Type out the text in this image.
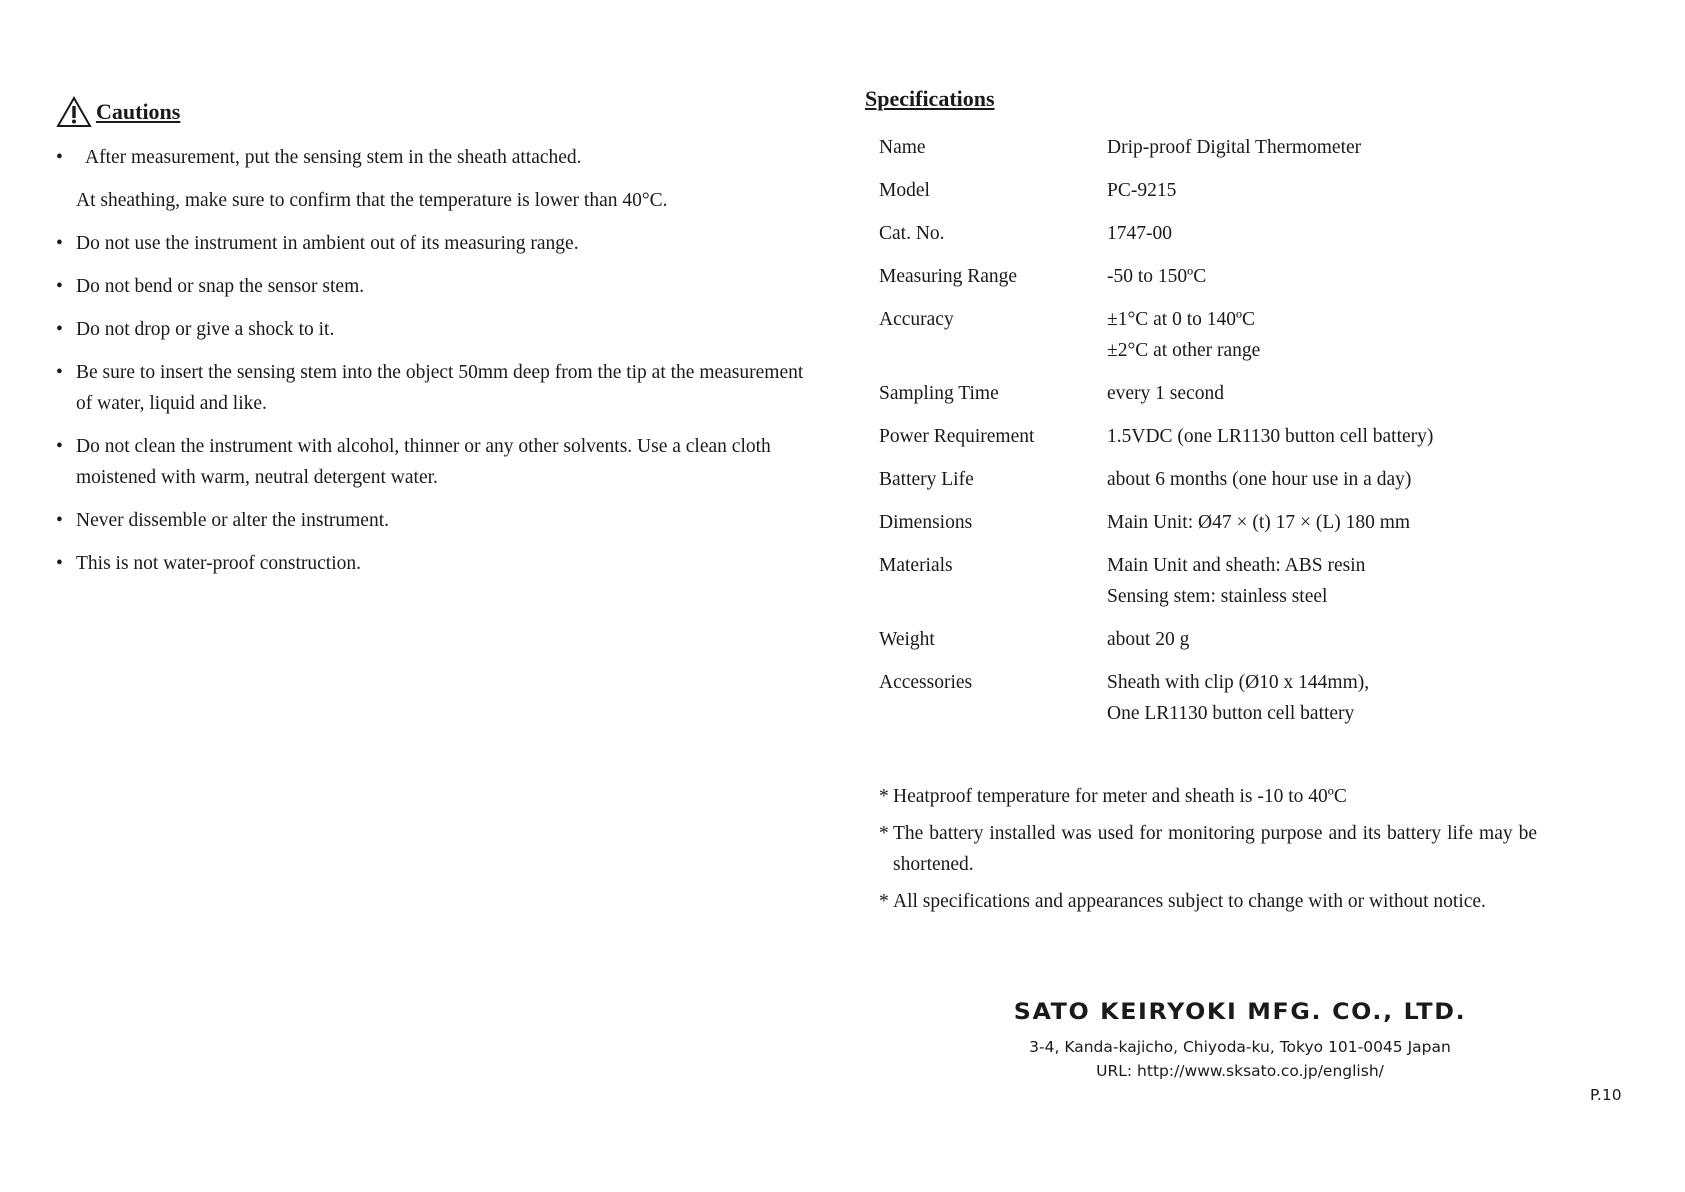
Cautions
• After measurement, put the sensing stem in the sheath attached.
At sheathing, make sure to confirm that the temperature is lower than 40°C.
• Do not use the instrument in ambient out of its measuring range.
• Do not bend or snap the sensor stem.
• Do not drop or give a shock to it.
• Be sure to insert the sensing stem into the object 50mm deep from the tip at the measurement of water, liquid and like.
• Do not clean the instrument with alcohol, thinner or any other solvents. Use a clean cloth moistened with warm, neutral detergent water.
• Never dissemble or alter the instrument.
• This is not water-proof construction.
Specifications
Name	Drip-proof Digital Thermometer

Model	PC-9215

Cat. No.	1747-00

Measuring Range	-50 to 150ºC

Accuracy	±1°C at 0 to 140ºC
±2°C at other range

Sampling Time	every 1 second

Power Requirement	1.5VDC (one LR1130 button cell battery)

Battery Life	about 6 months (one hour use in a day)

Dimensions	Main Unit: Ø47 × (t) 17 × (L) 180 mm

Materials	Main Unit and sheath: ABS resin
Sensing stem: stainless steel

Weight	about 20 g

Accessories	Sheath with clip (Ø10 x 144mm),
One LR1130 button cell battery
* Heatproof temperature for meter and sheath is -10 to 40ºC
* The battery installed was used for monitoring purpose and its battery life may be shortened.
* All specifications and appearances subject to change with or without notice.
SATO KEIRYOKI MFG. CO., LTD.
3-4, Kanda-kajicho, Chiyoda-ku, Tokyo 101-0045 Japan
URL: http://www.sksato.co.jp/english/
P.10
